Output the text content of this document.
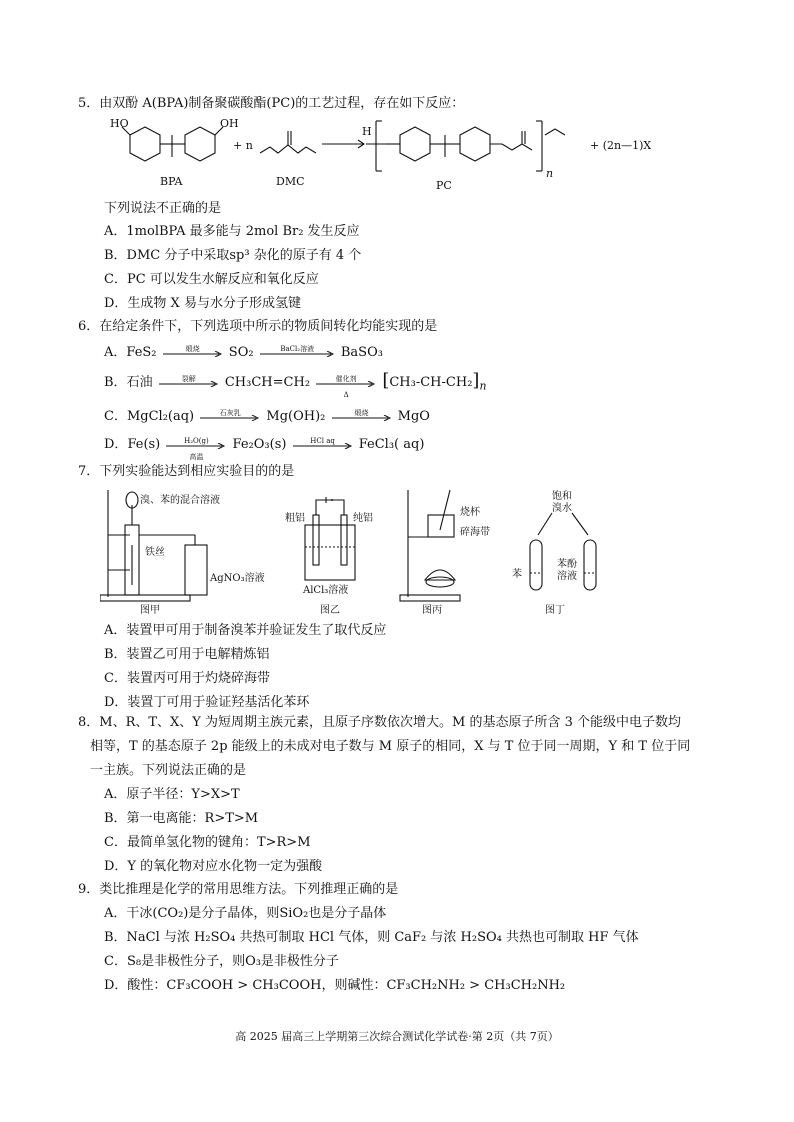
5．由双酚 A(BPA)制备聚碳酸酯(PC)的工艺过程，存在如下反应：
HO	OH
BPA
+ n
DMC
H
PC
n
+ (2n—1)X
下列说法不正确的是
A．1molBPA 最多能与 2mol Br₂ 发生反应
B．DMC 分子中采取sp³ 杂化的原子有 4 个
C．PC 可以发生水解反应和氧化反应
D．生成物 X 易与水分子形成氢键
6．在给定条件下，下列选项中所示的物质间转化均能实现的是
A．FeS₂	煅烧	SO₂	BaCl₂溶液	BaSO₃
B．石油	裂解	CH₃CH=CH₂	催化剂
Δ
$[CH_3-CH-CH_2]_n$
C．MgCl₂(aq)	石灰乳	Mg(OH)₂	煅烧	MgO
D．Fe(s)	H₂O(g)
高温
Fe₂O₃(s)	HCl aq	FeCl₃( aq)
7．下列实验能达到相应实验目的的是
溴、苯的混合溶液
铁丝
AgNO₃溶液
图甲
粗铝	纯铝
AlCl₃溶液
图乙
烧杯
碎海带
图丙
饱和
溴水
苯
苯酚
溶液
图丁
A．装置甲可用于制备溴苯并验证发生了取代反应
B．装置乙可用于电解精炼铝
C．装置丙可用于灼烧碎海带
D．装置丁可用于验证羟基活化苯环
8．M、R、T、X、Y 为短周期主族元素，且原子序数依次增大。M 的基态原子所含 3 个能级中电子数均
相等，T 的基态原子 2p 能级上的未成对电子数与 M 原子的相同，X 与 T 位于同一周期，Y 和 T 位于同
一主族。下列说法正确的是
A．原子半径：Y>X>T
B．第一电离能：R>T>M
C．最简单氢化物的键角：T>R>M
D．Y 的氧化物对应水化物一定为强酸
9．类比推理是化学的常用思维方法。下列推理正确的是
A．干冰(CO₂)是分子晶体，则SiO₂也是分子晶体
B．NaCl 与浓 H₂SO₄ 共热可制取 HCl 气体，则 CaF₂ 与浓 H₂SO₄ 共热也可制取 HF 气体
C．S₈是非极性分子，则O₃是非极性分子
D．酸性：CF₃COOH > CH₃COOH，则碱性：CF₃CH₂NH₂ > CH₃CH₂NH₂
高 2025 届高三上学期第三次综合测试化学试卷·第 2页（共 7页）
